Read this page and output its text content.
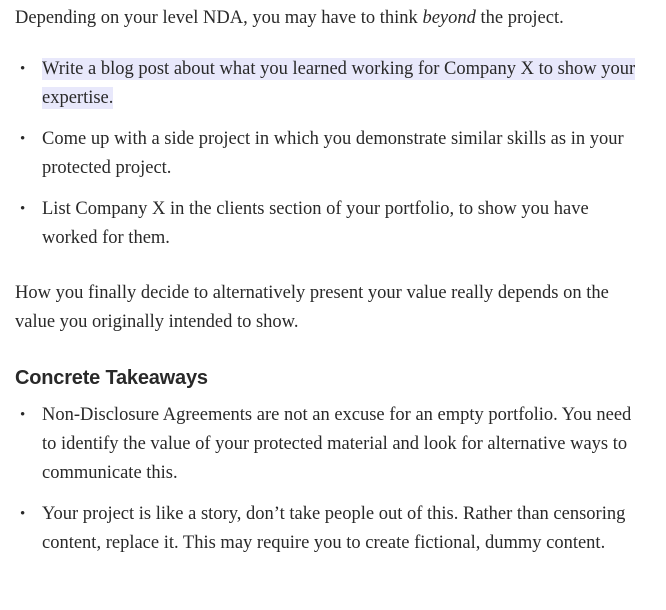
Depending on your level NDA, you may have to think beyond the project.

• Write a blog post about what you learned working for Company X to show your expertise.
• Come up with a side project in which you demonstrate similar skills as in your protected project.
• List Company X in the clients section of your portfolio, to show you have worked for them.

How you finally decide to alternatively present your value really depends on the value you originally intended to show.

Concrete Takeaways
• Non-Disclosure Agreements are not an excuse for an empty portfolio. You need to identify the value of your protected material and look for alternative ways to communicate this.
• Your project is like a story, don’t take people out of this. Rather than censoring content, replace it. This may require you to create fictional, dummy content.
